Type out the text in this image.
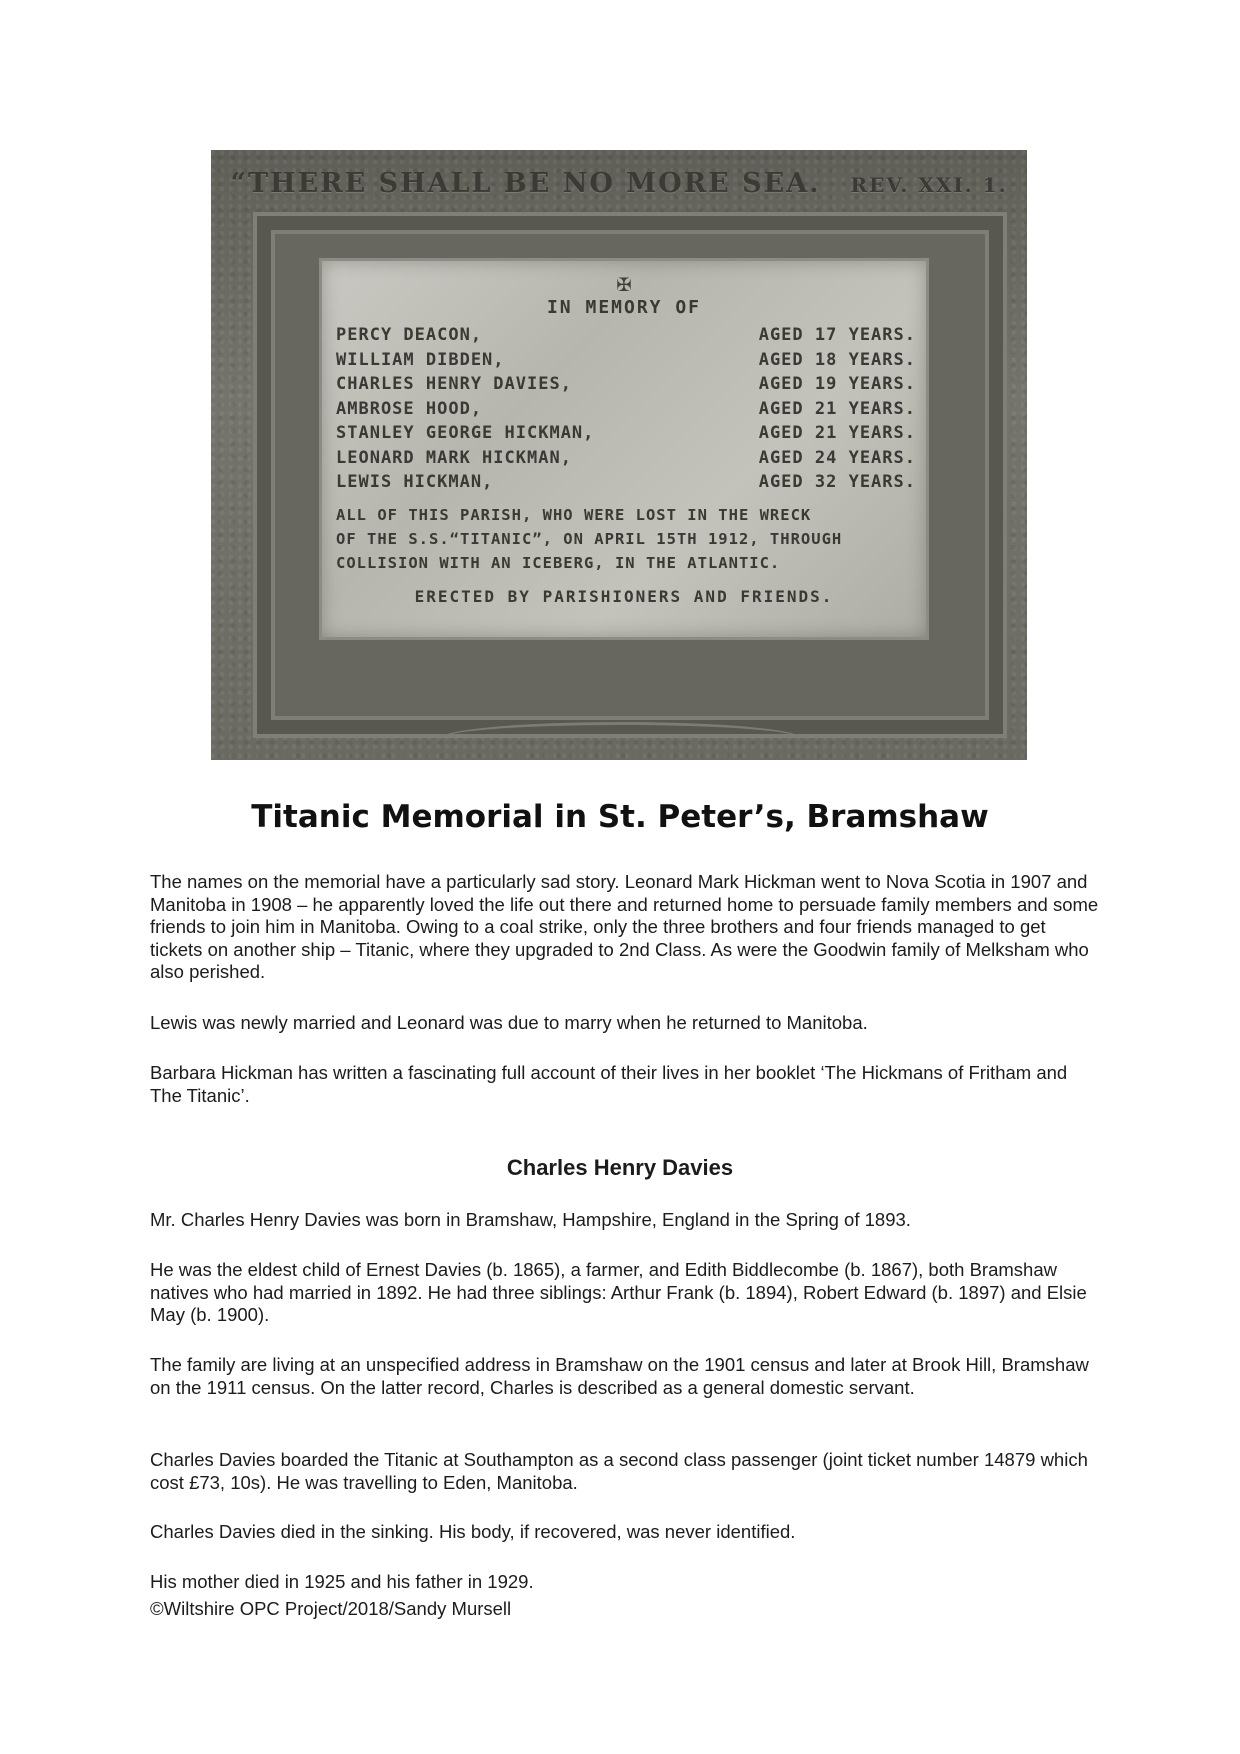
“THERE SHALL BE NO MORE SEA. REV. XXI. 1.
✠
IN MEMORY OF
PERCY DEACON,	AGED 17 YEARS.
WILLIAM DIBDEN,	AGED 18 YEARS.
CHARLES HENRY DAVIES,	AGED 19 YEARS.
AMBROSE HOOD,	AGED 21 YEARS.
STANLEY GEORGE HICKMAN,	AGED 21 YEARS.
LEONARD MARK HICKMAN,	AGED 24 YEARS.
LEWIS HICKMAN,	AGED 32 YEARS.
ALL OF THIS PARISH, WHO WERE LOST IN THE WRECK
OF THE S.S.“TITANIC”, ON APRIL 15TH 1912, THROUGH
COLLISION WITH AN ICEBERG, IN THE ATLANTIC.
ERECTED BY PARISHIONERS AND FRIENDS.
Titanic Memorial in St. Peter’s, Bramshaw

The names on the memorial have a particularly sad story. Leonard Mark Hickman went to Nova Scotia in 1907 and Manitoba in 1908 – he apparently loved the life out there and returned home to persuade family members and some friends to join him in Manitoba. Owing to a coal strike, only the three brothers and four friends managed to get tickets on another ship – Titanic, where they upgraded to 2nd Class. As were the Goodwin family of Melksham who also perished.

Lewis was newly married and Leonard was due to marry when he returned to Manitoba.

Barbara Hickman has written a fascinating full account of their lives in her booklet ‘The Hickmans of Fritham and The Titanic’.

Charles Henry Davies

Mr. Charles Henry Davies was born in Bramshaw, Hampshire, England in the Spring of 1893.

He was the eldest child of Ernest Davies (b. 1865), a farmer, and Edith Biddlecombe (b. 1867), both Bramshaw natives who had married in 1892. He had three siblings: Arthur Frank (b. 1894), Robert Edward (b. 1897) and Elsie May (b. 1900).

The family are living at an unspecified address in Bramshaw on the 1901 census and later at Brook Hill, Bramshaw on the 1911 census. On the latter record, Charles is described as a general domestic servant.

Charles Davies boarded the Titanic at Southampton as a second class passenger (joint ticket number 14879 which cost £73, 10s). He was travelling to Eden, Manitoba.

Charles Davies died in the sinking. His body, if recovered, was never identified.

His mother died in 1925 and his father in 1929.

©Wiltshire OPC Project/2018/Sandy Mursell
